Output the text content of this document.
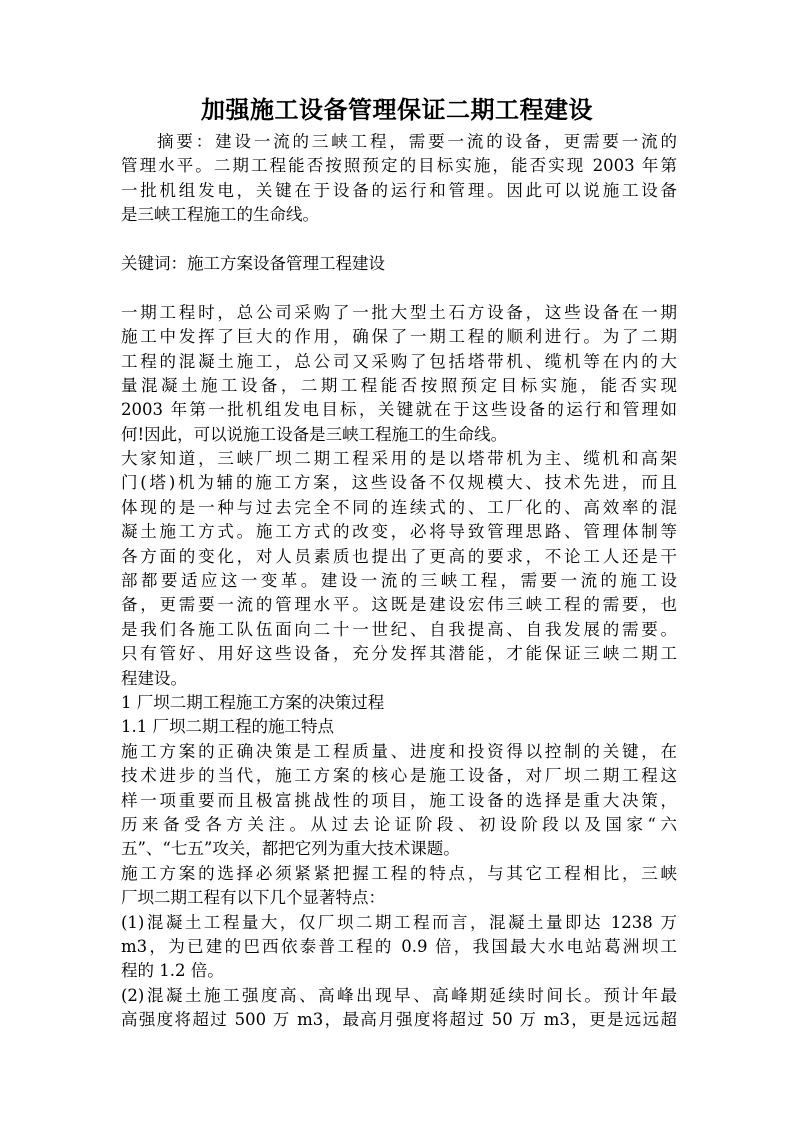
加强施工设备管理保证二期工程建设
摘要：建设一流的三峡工程，需要一流的设备，更需要一流的
管理水平。二期工程能否按照预定的目标实施，能否实现 2003 年第
一批机组发电，关键在于设备的运行和管理。因此可以说施工设备
是三峡工程施工的生命线。
关键词：施工方案设备管理工程建设
一期工程时，总公司采购了一批大型土石方设备，这些设备在一期
施工中发挥了巨大的作用，确保了一期工程的顺利进行。为了二期
工程的混凝土施工，总公司又采购了包括塔带机、缆机等在内的大
量混凝土施工设备，二期工程能否按照预定目标实施，能否实现
2003 年第一批机组发电目标，关键就在于这些设备的运行和管理如
何!因此，可以说施工设备是三峡工程施工的生命线。
大家知道，三峡厂坝二期工程采用的是以塔带机为主、缆机和高架
门(塔)机为辅的施工方案，这些设备不仅规模大、技术先进，而且
体现的是一种与过去完全不同的连续式的、工厂化的、高效率的混
凝土施工方式。施工方式的改变，必将导致管理思路、管理体制等
各方面的变化，对人员素质也提出了更高的要求，不论工人还是干
部都要适应这一变革。建设一流的三峡工程，需要一流的施工设
备，更需要一流的管理水平。这既是建设宏伟三峡工程的需要，也
是我们各施工队伍面向二十一世纪、自我提高、自我发展的需要。
只有管好、用好这些设备，充分发挥其潜能，才能保证三峡二期工
程建设。
1 厂坝二期工程施工方案的决策过程
1.1 厂坝二期工程的施工特点
施工方案的正确决策是工程质量、进度和投资得以控制的关键，在
技术进步的当代，施工方案的核心是施工设备，对厂坝二期工程这
样一项重要而且极富挑战性的项目，施工设备的选择是重大决策，
历来备受各方关注。从过去论证阶段、初设阶段以及国家“六
五”、“七五”攻关，都把它列为重大技术课题。
施工方案的选择必须紧紧把握工程的特点，与其它工程相比，三峡
厂坝二期工程有以下几个显著特点：
(1)混凝土工程量大，仅厂坝二期工程而言，混凝土量即达 1238 万
m3，为已建的巴西依泰普工程的 0.9 倍，我国最大水电站葛洲坝工
程的 1.2 倍。
(2)混凝土施工强度高、高峰出现早、高峰期延续时间长。预计年最
高强度将超过 500 万 m3，最高月强度将超过 50 万 m3，更是远远超
